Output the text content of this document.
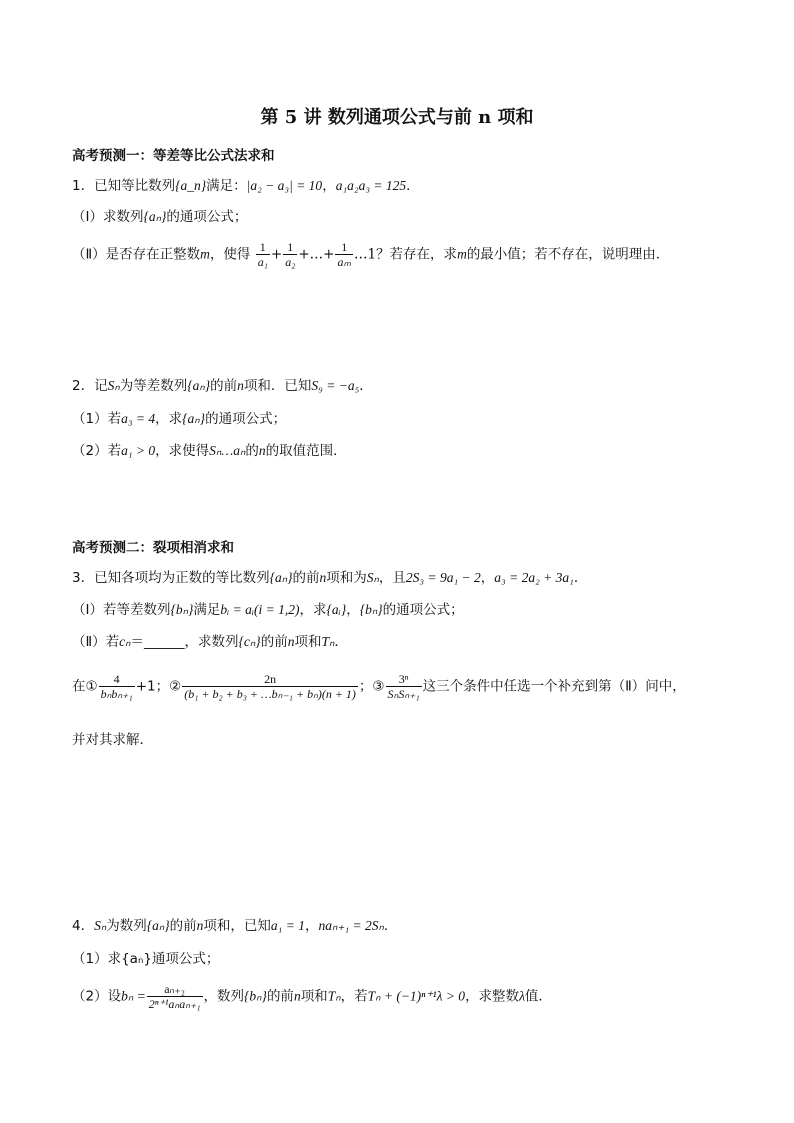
第 5 讲 数列通项公式与前 n 项和
高考预测一：等差等比公式法求和
1．已知等比数列{a_n}满足：|a₂ − a₃| = 10，a₁a₂a₃ = 125．
（Ⅰ）求数列{aₙ}的通项公式；
（Ⅱ）是否存在正整数m，使得 $\frac{1}{\text{a₁}} + \frac{1}{\text{a₂}}$ +…+ $\frac{1}{\text{aₘ}}$ …1？若存在，求m的最小值；若不存在，说明理由．
2．记Sₙ为等差数列{aₙ}的前n项和．已知S₉ = −a₅．
（1）若a₃ = 4，求{aₙ}的通项公式；
（2）若a₁ > 0，求使得Sₙ…aₙ的n的取值范围．
高考预测二：裂项相消求和
3．已知各项均为正数的等比数列{aₙ}的前n项和为Sₙ，且2S₃ = 9a₁ − 2，a₃ = 2a₂ + 3a₁．
（Ⅰ）若等差数列{bₙ}满足bᵢ = aᵢ(i = 1,2)，求{aᵢ}，{bₙ}的通项公式；
（Ⅱ）若cₙ＝______，求数列{cₙ}的前n项和Tₙ．
在① $\frac{4}{\text{bₙbₙ₊₁}} +1$；② $\frac{2n}{\text{(b₁ + b₂ + b₃ + …bₙ₋₁ + bₙ)(n + 1)}}$ ；③ $\frac{\text{3ⁿ}}{\text{SₙSₙ₊₁}}$ 这三个条件中任选一个补充到第（Ⅱ）问中，
并对其求解．
4．Sₙ为数列{aₙ}的前n项和，已知a₁ = 1，naₙ₊₁ = 2Sₙ．
（1）求{aₙ}通项公式；
（2）设$b_n = \frac{\text{aₙ₊₂}}{\text{2ⁿ⁺¹aₙaₙ₊₁}}$ ，数列{bₙ}的前n项和Tₙ，若Tₙ + (−1)ⁿ⁺¹λ > 0，求整数λ值．
